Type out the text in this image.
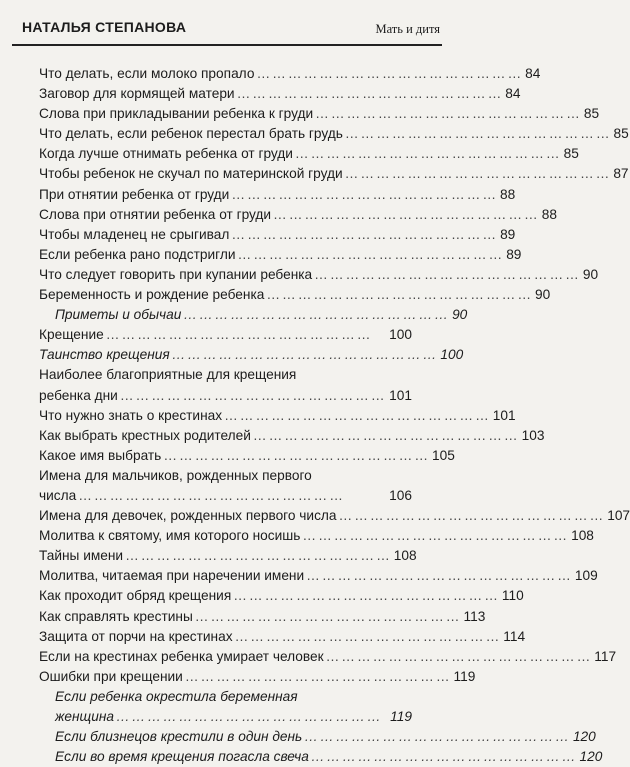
НАТАЛЬЯ СТЕПАНОВА	Мать и дитя
Что делать, если молоко пропало …………………………………………… 84
Заговор для кормящей матери …………………………………………… 84
Слова при прикладывании ребенка к груди …………………………………………… 85
Что делать, если ребенок перестал брать грудь …………………………………………… 85
Когда лучше отнимать ребенка от груди …………………………………………… 85
Чтобы ребенок не скучал по материнской груди …………………………………………… 87
При отнятии ребенка от груди …………………………………………… 88
Слова при отнятии ребенка от груди …………………………………………… 88
Чтобы младенец не срыгивал …………………………………………… 89
Если ребенка рано подстригли …………………………………………… 89
Что следует говорить при купании ребенка …………………………………………… 90
Беременность и рождение ребенка …………………………………………… 90
Приметы и обычаи …………………………………………… 90
Крещение ……………………………………………	100
Таинство крещения …………………………………………… 100
Наиболее благоприятные для крещения
ребенка дни …………………………………………… 101
Что нужно знать о крестинах …………………………………………… 101
Как выбрать крестных родителей …………………………………………… 103
Какое имя выбрать …………………………………………… 105
Имена для мальчиков, рожденных первого
числа ……………………………………………	106
Имена для девочек, рожденных первого числа …………………………………………… 107
Молитва к святому, имя которого носишь …………………………………………… 108
Тайны имени …………………………………………… 108
Молитва, читаемая при наречении имени …………………………………………… 109
Как проходит обряд крещения …………………………………………… 110
Как справлять крестины …………………………………………… 113
Защита от порчи на крестинах …………………………………………… 114
Если на крестинах ребенка умирает человек …………………………………………… 117
Ошибки при крещении …………………………………………… 119
Если ребенка окрестила беременная
женщина …………………………………………… 119
Если близнецов крестили в один день …………………………………………… 120
Если во время крещения погасла свеча …………………………………………… 120
